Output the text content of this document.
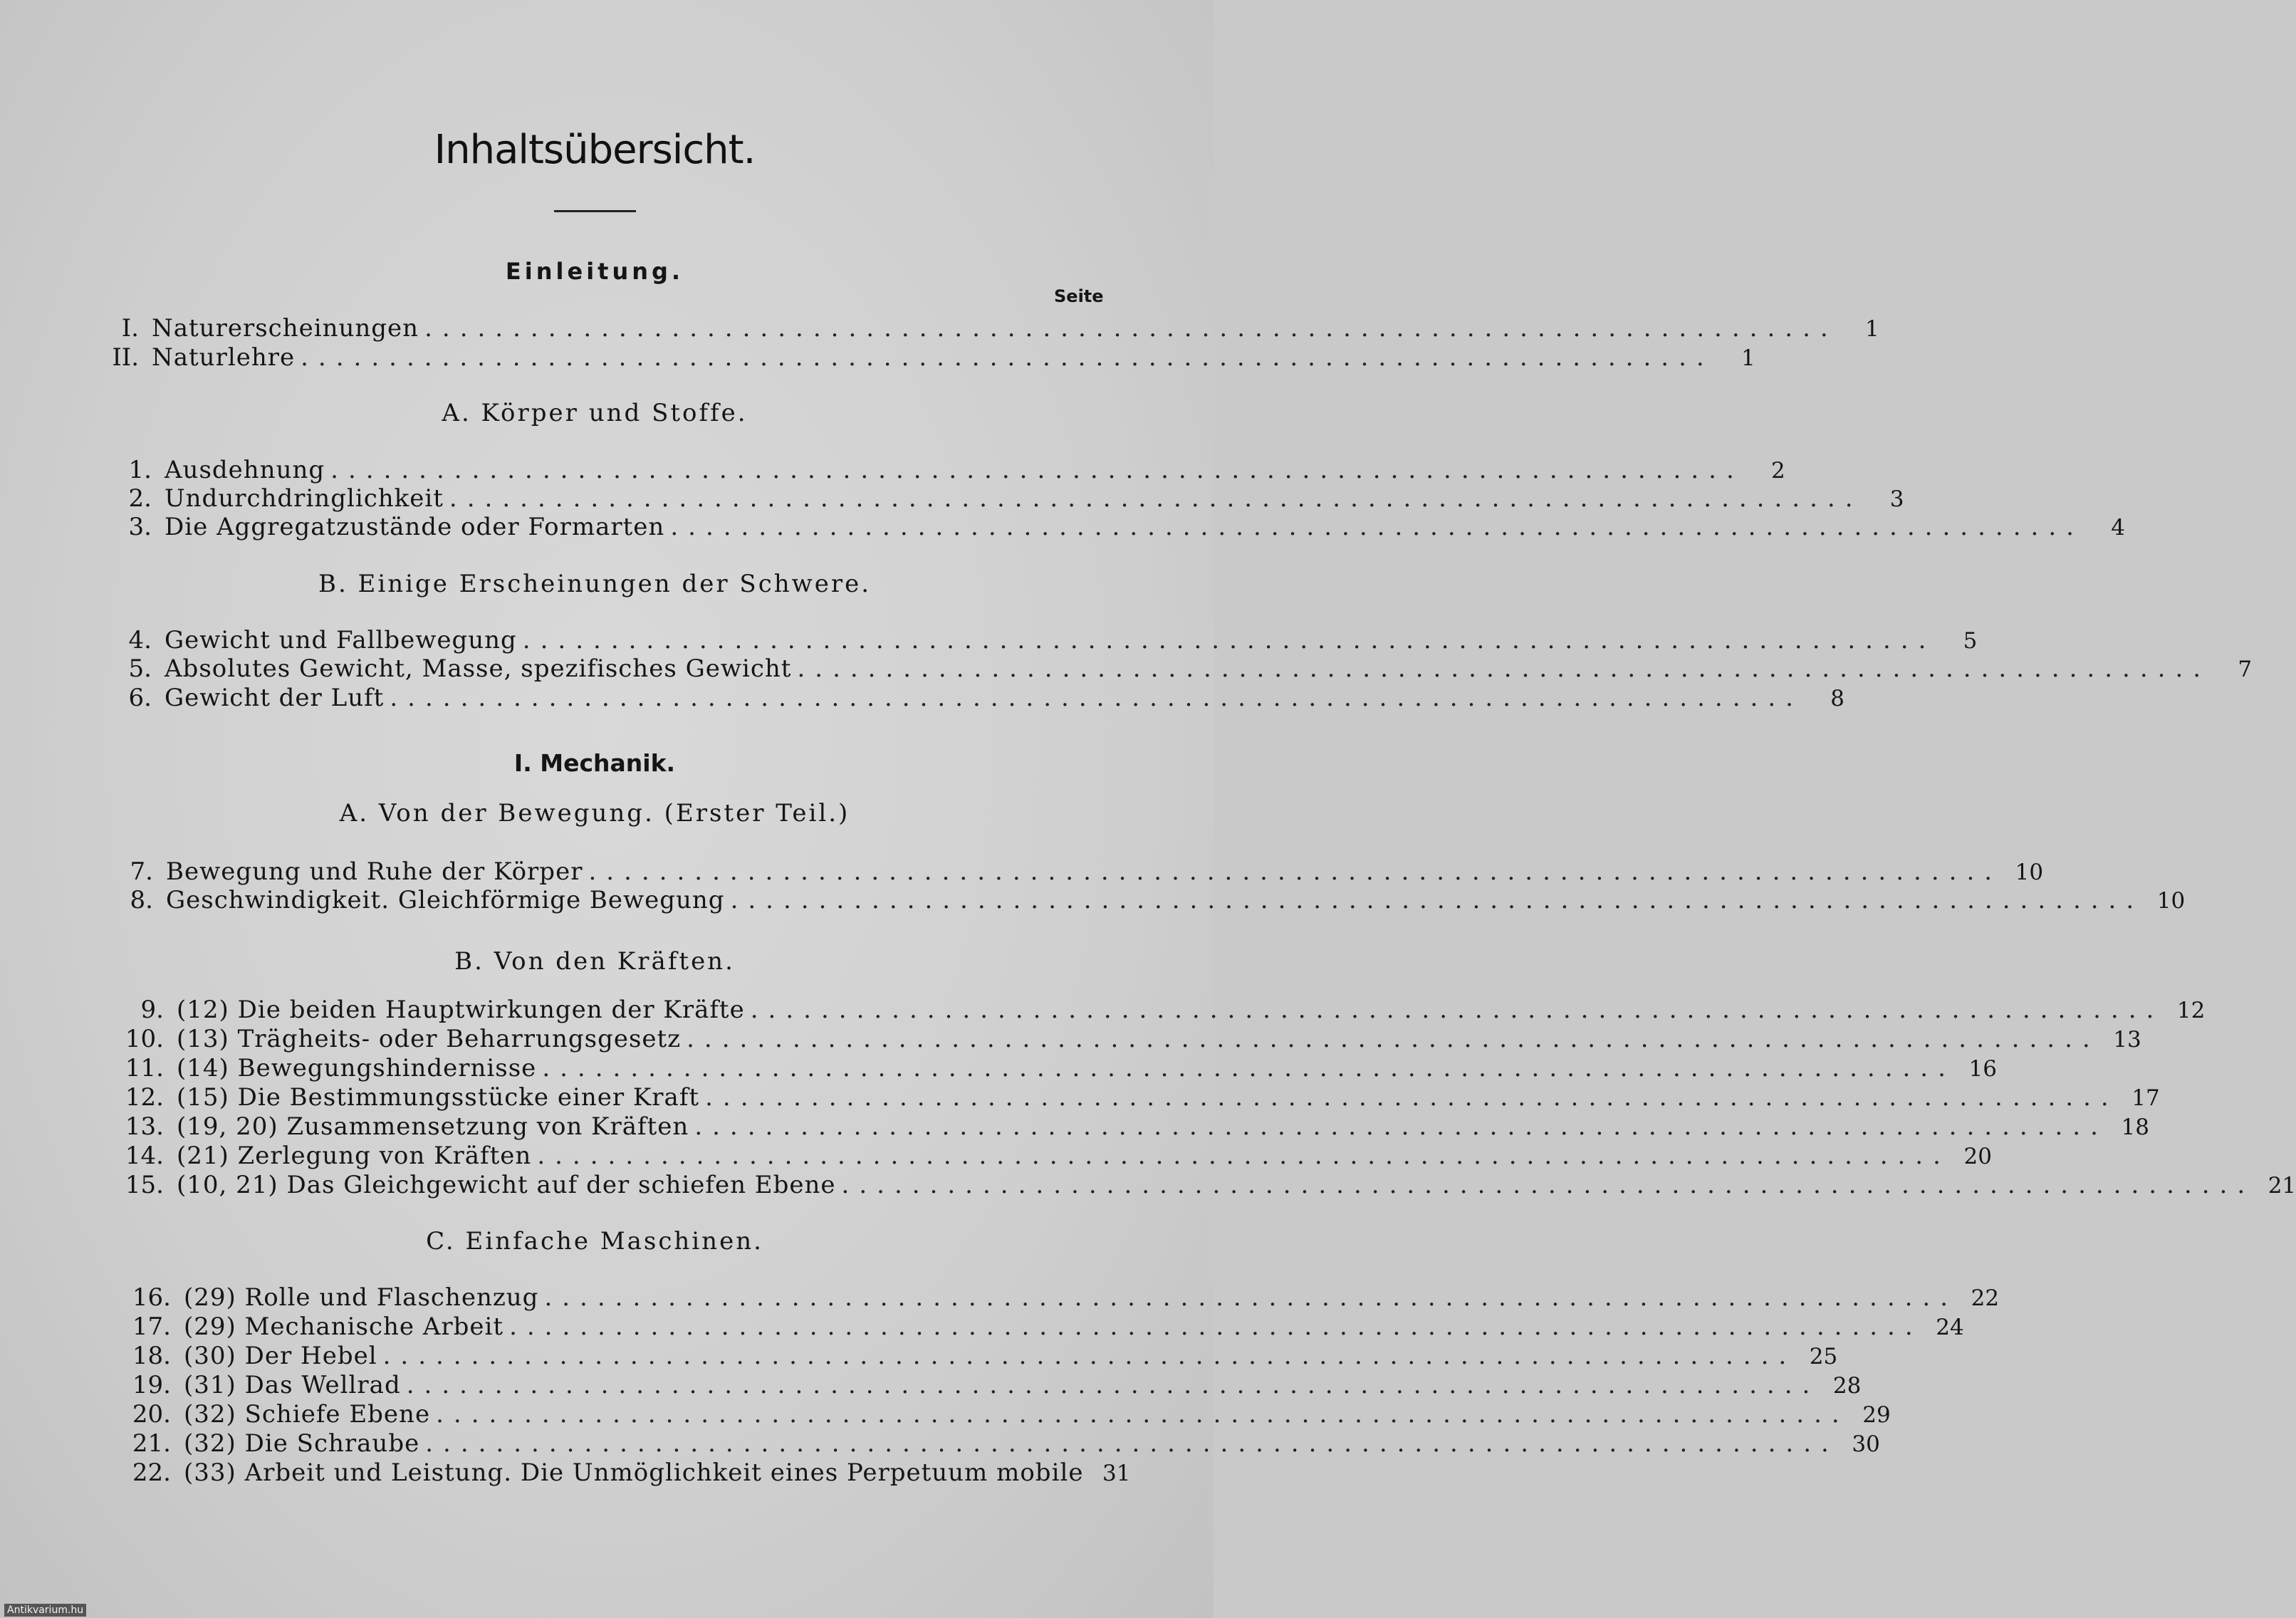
Inhaltsübersicht.
Seite
Einleitung.
I. Naturerscheinungen ................................................................................	1
II. Naturlehre ................................................................................	1
A. Körper und Stoffe.
1. Ausdehnung ................................................................................	2
2. Undurchdringlichkeit ................................................................................	3
3. Die Aggregatzustände oder Formarten ................................................................................	4
B. Einige Erscheinungen der Schwere.
4. Gewicht und Fallbewegung ................................................................................	5
5. Absolutes Gewicht, Masse, spezifisches Gewicht ................................................................................	7
6. Gewicht der Luft ................................................................................	8
I. Mechanik.
A. Von der Bewegung. (Erster Teil.)
7. Bewegung und Ruhe der Körper ................................................................................ 10
8. Geschwindigkeit. Gleichförmige Bewegung ................................................................................ 10
B. Von den Kräften.
9. (12) Die beiden Hauptwirkungen der Kräfte ................................................................................ 12
10. (13) Trägheits- oder Beharrungsgesetz ................................................................................ 13
11. (14) Bewegungshindernisse ................................................................................ 16
12. (15) Die Bestimmungsstücke einer Kraft ................................................................................ 17
13. (19, 20) Zusammensetzung von Kräften ................................................................................ 18
14. (21) Zerlegung von Kräften ................................................................................ 20
15. (10, 21) Das Gleichgewicht auf der schiefen Ebene ................................................................................ 21
C. Einfache Maschinen.
16. (29) Rolle und Flaschenzug ................................................................................ 22
17. (29) Mechanische Arbeit ................................................................................ 24
18. (30) Der Hebel ................................................................................ 25
19. (31) Das Wellrad ................................................................................ 28
20. (32) Schiefe Ebene ................................................................................ 29
21. (32) Die Schraube ................................................................................ 30
22. (33) Arbeit und Leistung. Die Unmöglichkeit eines Perpetuum mobile 31
Antikvarium.hu
